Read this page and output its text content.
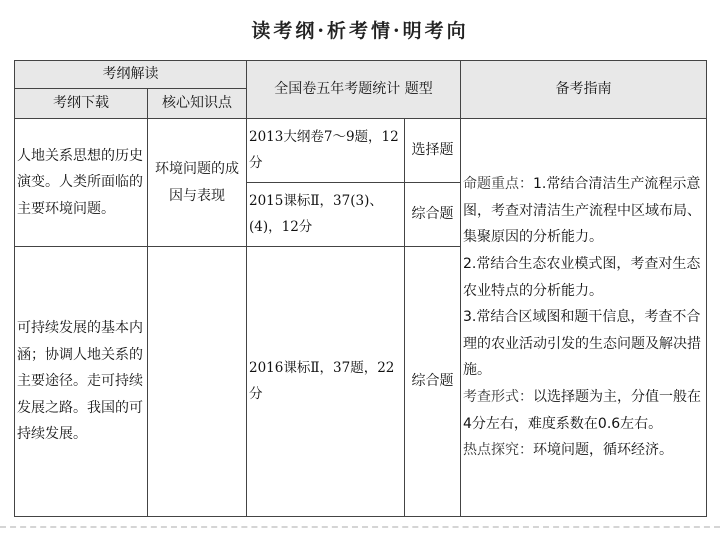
读考纲·析考情·明考向
考纲解读		全国卷五年考题统计 题型		备考指南
考纲下载	核心知识点			
人地关系思想的历史演变。人类所面临的主要环境问题。	环境问题的成因与表现	2013大纲卷7～9题，12分	选择题	命题重点：1.常结合清洁生产流程示意图，考查对清洁生产流程中区域布局、集聚原因的分析能力。

2.常结合生态农业模式图，考查对生态农业特点的分析能力。

3.常结合区域图和题干信息，考查不合理的农业活动引发的生态问题及解决措施。

考查形式：以选择题为主，分值一般在4分左右，难度系数在0.6左右。

热点探究：环境问题，循环经济。

		2015课标Ⅱ，37(3)、(4)，12分	综合题	
可持续发展的基本内涵；协调人地关系的主要途径。走可持续发展之路。我国的可持续发展。		2016课标Ⅱ，37题，22分	综合题	
